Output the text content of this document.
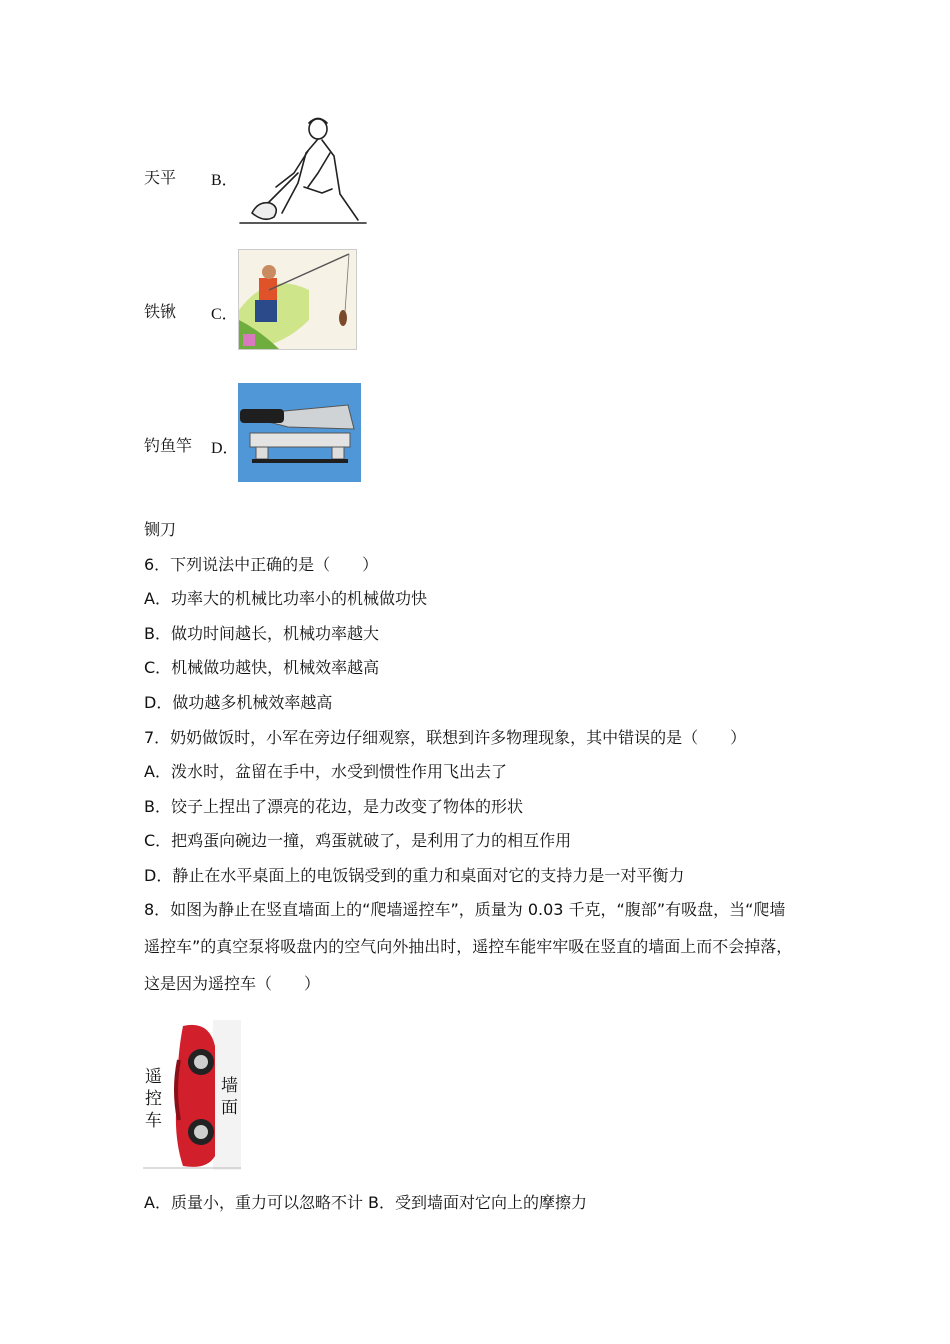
天平 B．
铁锹 C．
钓鱼竿 D．
铡刀
6．下列说法中正确的是（　　）
A．功率大的机械比功率小的机械做功快
B．做功时间越长，机械功率越大
C．机械做功越快，机械效率越高
D．做功越多机械效率越高
7．奶奶做饭时，小军在旁边仔细观察，联想到许多物理现象，其中错误的是（　　）
A．泼水时，盆留在手中，水受到惯性作用飞出去了
B．饺子上捏出了漂亮的花边，是力改变了物体的形状
C．把鸡蛋向碗边一撞，鸡蛋就破了，是利用了力的相互作用
D．静止在水平桌面上的电饭锅受到的重力和桌面对它的支持力是一对平衡力
8．如图为静止在竖直墙面上的“爬墙遥控车”，质量为 0.03 千克，“腹部”有吸盘，当“爬墙
遥控车”的真空泵将吸盘内的空气向外抽出时，遥控车能牢牢吸在竖直的墙面上而不会掉落，
这是因为遥控车（　　）
遥
控
车
墙
面
A．质量小，重力可以忽略不计 B．受到墙面对它向上的摩擦力
